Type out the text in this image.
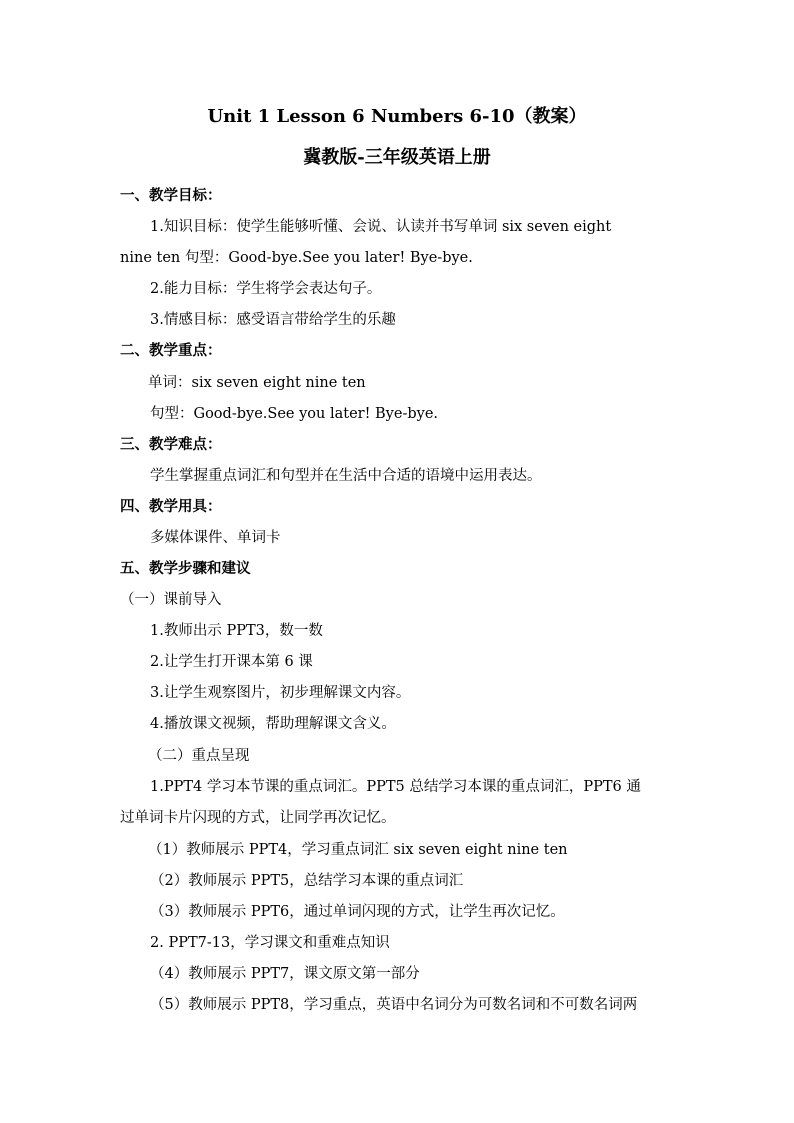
Unit 1 Lesson 6 Numbers 6-10（教案）
冀教版-三年级英语上册
一、教学目标：
1.知识目标：使学生能够听懂、会说、认读并书写单词 six seven eight
nine ten 句型：Good-bye.See you later! Bye-bye.
2.能力目标：学生将学会表达句子。
3.情感目标：感受语言带给学生的乐趣
二、教学重点：
单词：six seven eight nine ten
句型：Good-bye.See you later! Bye-bye.
三、教学难点：
学生掌握重点词汇和句型并在生活中合适的语境中运用表达。
四、教学用具：
多媒体课件、单词卡
五、教学步骤和建议
（一）课前导入
1.教师出示 PPT3，数一数
2.让学生打开课本第 6 课
3.让学生观察图片，初步理解课文内容。
4.播放课文视频，帮助理解课文含义。
（二）重点呈现
1.PPT4 学习本节课的重点词汇。PPT5 总结学习本课的重点词汇，PPT6 通
过单词卡片闪现的方式，让同学再次记忆。
（1）教师展示 PPT4，学习重点词汇 six seven eight nine ten
（2）教师展示 PPT5，总结学习本课的重点词汇
（3）教师展示 PPT6，通过单词闪现的方式，让学生再次记忆。
2. PPT7-13，学习课文和重难点知识
（4）教师展示 PPT7，课文原文第一部分
（5）教师展示 PPT8，学习重点，英语中名词分为可数名词和不可数名词两
